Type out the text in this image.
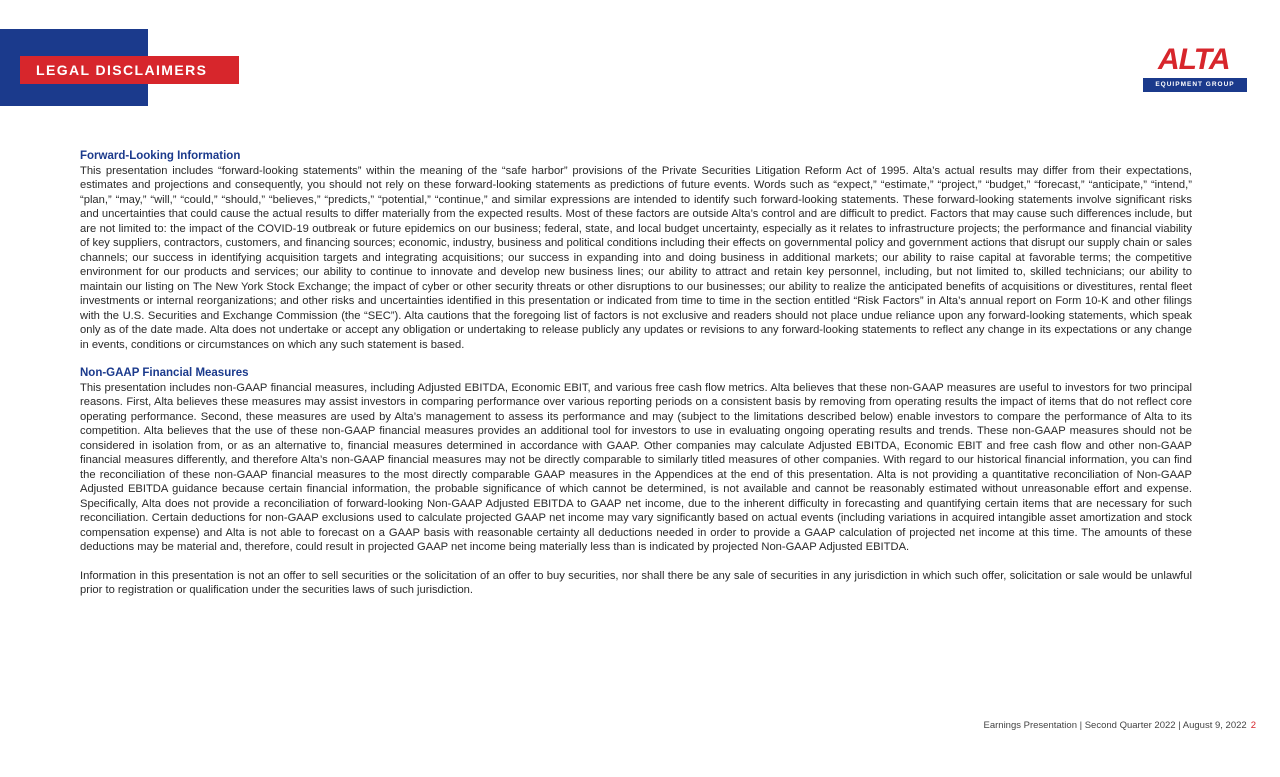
LEGAL DISCLAIMERS	ALTA
EQUIPMENT GROUP

Forward-Looking Information

This presentation includes “forward-looking statements” within the meaning of the “safe harbor” provisions of the Private Securities Litigation Reform Act of 1995. Alta’s actual results may differ from their expectations, estimates and projections and consequently, you should not rely on these forward-looking statements as predictions of future events. Words such as “expect,” “estimate,” “project,” “budget,” “forecast,” “anticipate,” “intend,” “plan,” “may,” “will,” “could,” “should,” “believes,” “predicts,” “potential,” “continue,” and similar expressions are intended to identify such forward-looking statements. These forward-looking statements involve significant risks and uncertainties that could cause the actual results to differ materially from the expected results. Most of these factors are outside Alta’s control and are difficult to predict. Factors that may cause such differences include, but are not limited to: the impact of the COVID-19 outbreak or future epidemics on our business; federal, state, and local budget uncertainty, especially as it relates to infrastructure projects; the performance and financial viability of key suppliers, contractors, customers, and financing sources; economic, industry, business and political conditions including their effects on governmental policy and government actions that disrupt our supply chain or sales channels; our success in identifying acquisition targets and integrating acquisitions; our success in expanding into and doing business in additional markets; our ability to raise capital at favorable terms; the competitive environment for our products and services; our ability to continue to innovate and develop new business lines; our ability to attract and retain key personnel, including, but not limited to, skilled technicians; our ability to maintain our listing on The New York Stock Exchange; the impact of cyber or other security threats or other disruptions to our businesses; our ability to realize the anticipated benefits of acquisitions or divestitures, rental fleet investments or internal reorganizations; and other risks and uncertainties identified in this presentation or indicated from time to time in the section entitled “Risk Factors” in Alta’s annual report on Form 10-K and other filings with the U.S. Securities and Exchange Commission (the “SEC”). Alta cautions that the foregoing list of factors is not exclusive and readers should not place undue reliance upon any forward-looking statements, which speak only as of the date made. Alta does not undertake or accept any obligation or undertaking to release publicly any updates or revisions to any forward-looking statements to reflect any change in its expectations or any change in events, conditions or circumstances on which any such statement is based.

Non-GAAP Financial Measures

This presentation includes non-GAAP financial measures, including Adjusted EBITDA, Economic EBIT, and various free cash flow metrics. Alta believes that these non-GAAP measures are useful to investors for two principal reasons. First, Alta believes these measures may assist investors in comparing performance over various reporting periods on a consistent basis by removing from operating results the impact of items that do not reflect core operating performance. Second, these measures are used by Alta’s management to assess its performance and may (subject to the limitations described below) enable investors to compare the performance of Alta to its competition. Alta believes that the use of these non-GAAP financial measures provides an additional tool for investors to use in evaluating ongoing operating results and trends. These non-GAAP measures should not be considered in isolation from, or as an alternative to, financial measures determined in accordance with GAAP. Other companies may calculate Adjusted EBITDA, Economic EBIT and free cash flow and other non-GAAP financial measures differently, and therefore Alta’s non-GAAP financial measures may not be directly comparable to similarly titled measures of other companies. With regard to our historical financial information, you can find the reconciliation of these non-GAAP financial measures to the most directly comparable GAAP measures in the Appendices at the end of this presentation. Alta is not providing a quantitative reconciliation of Non-GAAP Adjusted EBITDA guidance because certain financial information, the probable significance of which cannot be determined, is not available and cannot be reasonably estimated without unreasonable effort and expense. Specifically, Alta does not provide a reconciliation of forward-looking Non-GAAP Adjusted EBITDA to GAAP net income, due to the inherent difficulty in forecasting and quantifying certain items that are necessary for such reconciliation. Certain deductions for non-GAAP exclusions used to calculate projected GAAP net income may vary significantly based on actual events (including variations in acquired intangible asset amortization and stock compensation expense) and Alta is not able to forecast on a GAAP basis with reasonable certainty all deductions needed in order to provide a GAAP calculation of projected net income at this time. The amounts of these deductions may be material and, therefore, could result in projected GAAP net income being materially less than is indicated by projected Non-GAAP Adjusted EBITDA.

Information in this presentation is not an offer to sell securities or the solicitation of an offer to buy securities, nor shall there be any sale of securities in any jurisdiction in which such offer, solicitation or sale would be unlawful prior to registration or qualification under the securities laws of such jurisdiction.

Earnings Presentation | Second Quarter 2022 | August 9, 2022 2
